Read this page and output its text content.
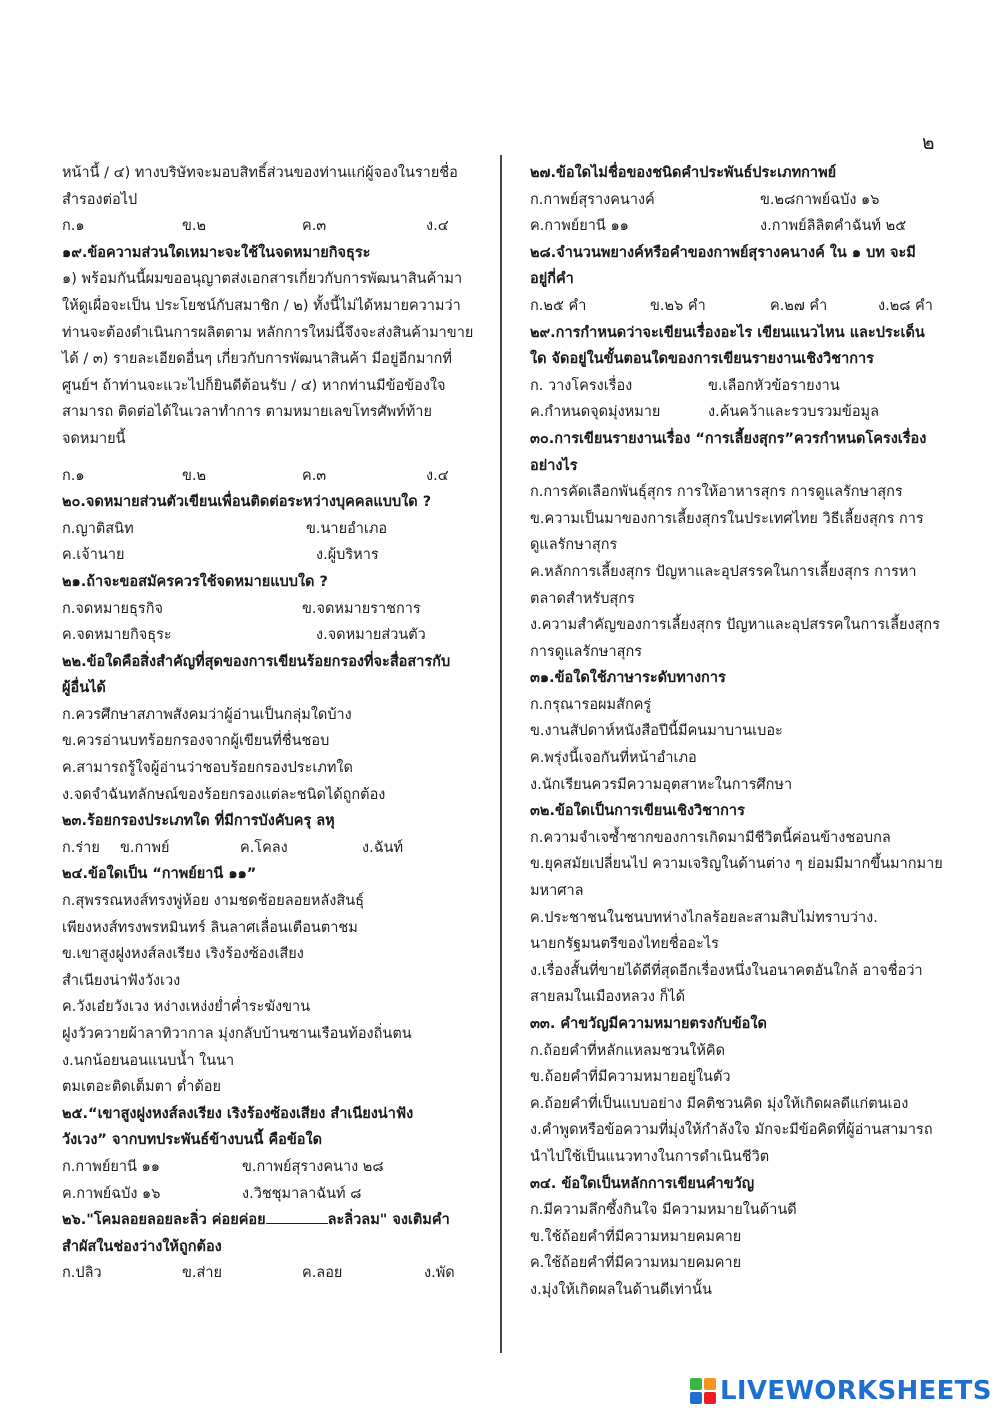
๒
หน้านี้ / ๔) ทางบริษัทจะมอบสิทธิ์ส่วนของท่านแก่ผู้จองในรายชื่อ
สำรองต่อไป
ก.๑	ข.๒	ค.๓	ง.๔
๑๙.ข้อความส่วนใดเหมาะจะใช้ในจดหมายกิจธุระ
๑) พร้อมกันนี้ผมขออนุญาตส่งเอกสารเกี่ยวกับการพัฒนาสินค้ามา
ให้ดูเผื่อจะเป็น ประโยชน์กับสมาชิก / ๒) ทั้งนี้ไม่ได้หมายความว่า
ท่านจะต้องดำเนินการผลิตตาม หลักการใหม่นี้จึงจะส่งสินค้ามาขาย
ได้ / ๓) รายละเอียดอื่นๆ เกี่ยวกับการพัฒนาสินค้า มีอยู่อีกมากที่
ศูนย์ฯ ถ้าท่านจะแวะไปก็ยินดีต้อนรับ / ๔) หากท่านมีข้อข้องใจ
สามารถ ติดต่อได้ในเวลาทำการ ตามหมายเลขโทรศัพท์ท้าย
จดหมายนี้
ก.๑	ข.๒	ค.๓	ง.๔
๒๐.จดหมายส่วนตัวเขียนเพื่อนติดต่อระหว่างบุคคลแบบใด ?
ก.ญาติสนิท	ข.นายอำเภอ
ค.เจ้านาย	ง.ผู้บริหาร
๒๑.ถ้าจะขอสมัครควรใช้จดหมายแบบใด ?
ก.จดหมายธุรกิจ	ข.จดหมายราชการ
ค.จดหมายกิจธุระ	ง.จดหมายส่วนตัว
๒๒.ข้อใดคือสิ่งสำคัญที่สุดของการเขียนร้อยกรองที่จะสื่อสารกับ
ผู้อื่นได้
ก.ควรศึกษาสภาพสังคมว่าผู้อ่านเป็นกลุ่มใดบ้าง
ข.ควรอ่านบทร้อยกรองจากผู้เขียนที่ชื่นชอบ
ค.สามารถรู้ใจผู้อ่านว่าชอบร้อยกรองประเภทใด
ง.จดจำฉันทลักษณ์ของร้อยกรองแต่ละชนิดได้ถูกต้อง
๒๓.ร้อยกรองประเภทใด ที่มีการบังคับครุ ลหุ
ก.ร่าย	ข.กาพย์	ค.โคลง	ง.ฉันท์
๒๔.ข้อใดเป็น “กาพย์ยานี ๑๑”
ก.สุพรรณหงส์ทรงพู่ห้อย งามชดช้อยลอยหลังสินธุ์
เพียงหงส์ทรงพรหมินทร์ ลินลาศเลื่อนเตือนตาชม
ข.เขาสูงฝูงหงส์ลงเรียง เริงร้องซ้องเสียง
สำเนียงน่าฟังวังเวง
ค.วังเอ๋ยวังเวง หง่างเหง่งย่ำค่ำระฆังขาน
ฝูงวัวควายผ้าลาทิวากาล มุ่งกลับบ้านซานเรือนท้องถิ่นตน
ง.นกน้อยนอนแนบน้ำ ในนา
ตมเตอะติดเต็มตา ต่ำต้อย
๒๕.“เขาสูงฝูงหงส์ลงเรียง เริงร้องซ้องเสียง สำเนียงน่าฟัง
วังเวง” จากบทประพันธ์ข้างบนนี้ คือข้อใด
ก.กาพย์ยานี ๑๑	ข.กาพย์สุรางคนาง ๒๘
ค.กาพย์ฉบัง ๑๖	ง.วิชชุมาลาฉันท์ ๘
๒๖."โคมลอยลอยละลิ่ว ค่อยค่อย	ละลิ่วลม" จงเติมคำ
สำผัสในช่องว่างให้ถูกต้อง
ก.ปลิว	ข.ส่าย	ค.ลอย	ง.พัด
๒๗.ข้อใดไม่ชื่อของชนิดคำประพันธ์ประเภทกาพย์
ก.กาพย์สุรางคนางค์	ข.๒๘กาพย์ฉบัง ๑๖
ค.กาพย์ยานี ๑๑	ง.กาพย์ลิลิตคำฉันท์ ๒๕
๒๘.จำนวนพยางค์หรือคำของกาพย์สุรางคนางค์ ใน ๑ บท จะมี
อยู่กี่คำ
ก.๒๕ คำ	ข.๒๖ คำ	ค.๒๗ คำ	ง.๒๘ คำ
๒๙.การกำหนดว่าจะเขียนเรื่องอะไร เขียนแนวไหน และประเด็น
ใด จัดอยู่ในขั้นตอนใดของการเขียนรายงานเชิงวิชาการ
ก. วางโครงเรื่อง	ข.เลือกหัวข้อรายงาน
ค.กำหนดจุดมุ่งหมาย	ง.ค้นคว้าและรวบรวมข้อมูล
๓๐.การเขียนรายงานเรื่อง “การเลี้ยงสุกร”ควรกำหนดโครงเรื่อง
อย่างไร
ก.การคัดเลือกพันธุ์สุกร การให้อาหารสุกร การดูแลรักษาสุกร
ข.ความเป็นมาของการเลี้ยงสุกรในประเทศไทย วิธีเลี้ยงสุกร การ
ดูแลรักษาสุกร
ค.หลักการเลี้ยงสุกร ปัญหาและอุปสรรคในการเลี้ยงสุกร การหา
ตลาดสำหรับสุกร
ง.ความสำคัญของการเลี้ยงสุกร ปัญหาและอุปสรรคในการเลี้ยงสุกร
การดูแลรักษาสุกร
๓๑.ข้อใดใช้ภาษาระดับทางการ
ก.กรุณารอผมสักครู่
ข.งานสัปดาห์หนังสือปีนี้มีคนมาบานเบอะ
ค.พรุ่งนี้เจอกันที่หน้าอำเภอ
ง.นักเรียนควรมีความอุตสาหะในการศึกษา
๓๒.ข้อใดเป็นการเขียนเชิงวิชาการ
ก.ความจำเจซ้ำซากของการเกิดมามีชีวิตนี้ค่อนข้างชอบกล
ข.ยุคสมัยเปลี่ยนไป ความเจริญในด้านต่าง ๆ ย่อมมีมากขึ้นมากมาย
มหาศาล
ค.ประชาชนในชนบทห่างไกลร้อยละสามสิบไม่ทราบว่าง.
นายกรัฐมนตรีของไทยชื่ออะไร
ง.เรื่องสั้นที่ขายได้ดีที่สุดอีกเรื่องหนึ่งในอนาคตอันใกล้ อาจชื่อว่า
สายลมในเมืองหลวง ก็ได้
๓๓. คำขวัญมีความหมายตรงกับข้อใด
ก.ถ้อยคำที่หลักแหลมชวนให้คิด
ข.ถ้อยคำที่มีความหมายอยู่ในตัว
ค.ถ้อยคำที่เป็นแบบอย่าง มีคติชวนคิด มุ่งให้เกิดผลดีแก่ตนเอง
ง.คำพูดหรือข้อความที่มุ่งให้กำลังใจ มักจะมีข้อคิดที่ผู้อ่านสามารถ
นำไปใช้เป็นแนวทางในการดำเนินชีวิต
๓๔. ข้อใดเป็นหลักการเขียนคำขวัญ
ก.มีความลึกซึ้งกินใจ มีความหมายในด้านดี
ข.ใช้ถ้อยคำที่มีความหมายคมคาย
ค.ใช้ถ้อยคำที่มีความหมายคมคาย
ง.มุ่งให้เกิดผลในด้านดีเท่านั้น
LIVEWORKSHEETS
